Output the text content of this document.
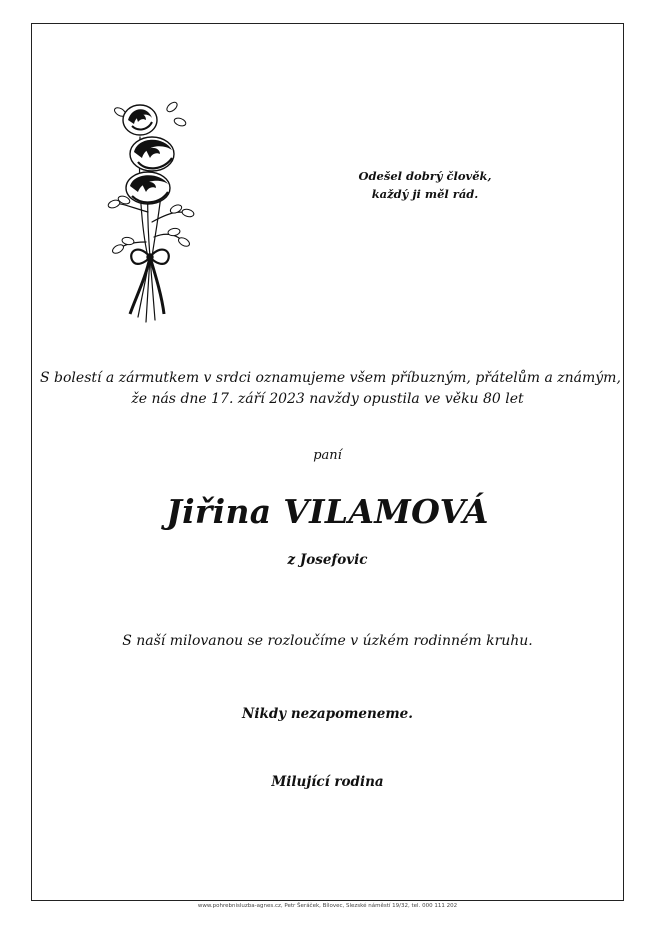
Odešel dobrý člověk,
každý ji měl rád.
S bolestí a zármutkem v srdci oznamujeme všem příbuzným, přátelům a známým,
že nás dne 17. září 2023 navždy opustila ve věku 80 let
paní
Jiřina VILAMOVÁ
z Josefovic
S naší milovanou se rozloučíme v úzkém rodinném kruhu.
Nikdy nezapomeneme.
Milující rodina
www.pohrebnisluzba-agnes.cz, Petr Šeráček, Bílovec, Slezské náměstí 19/32, tel. 000 111 202
